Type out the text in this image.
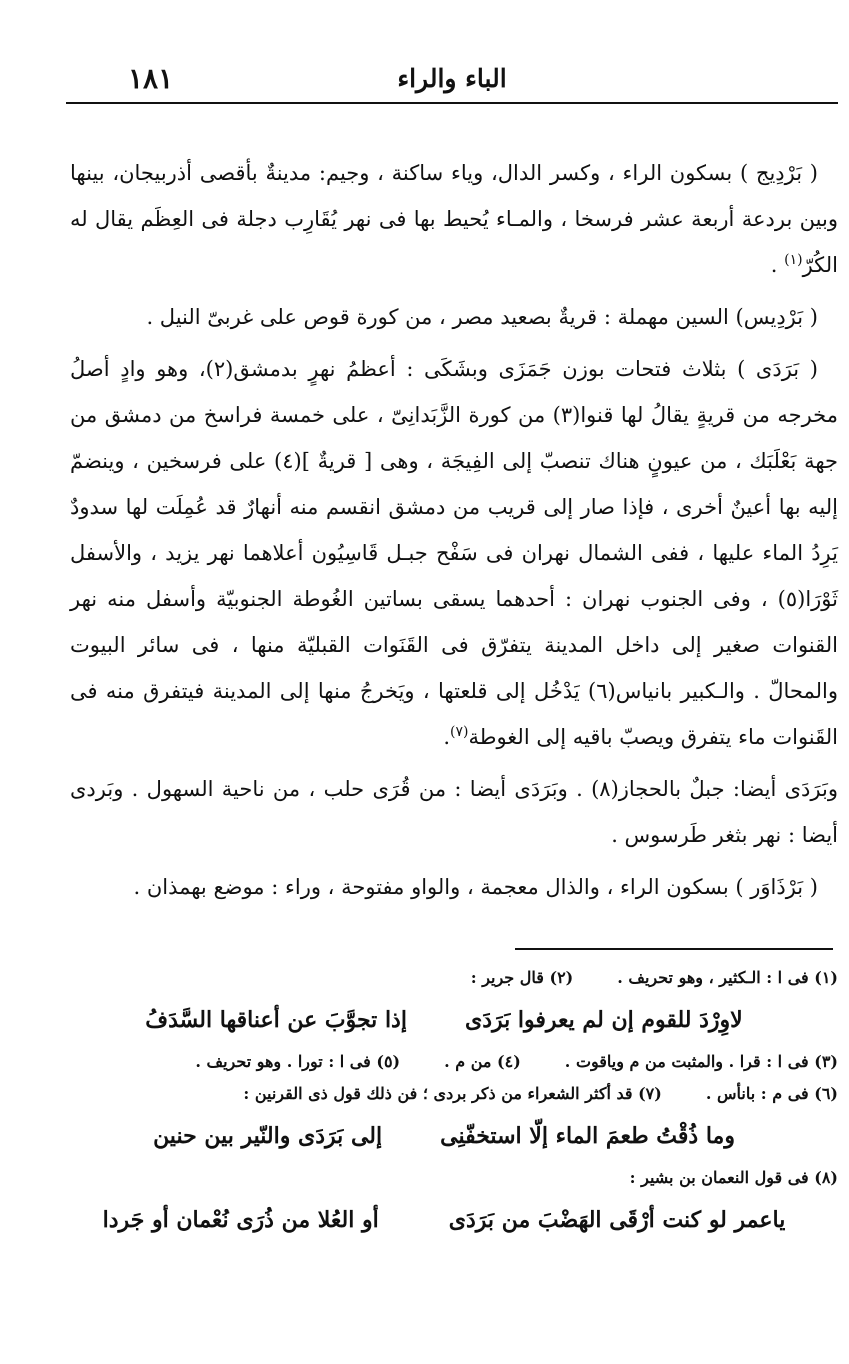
الباء والراء
١٨١

( بَرْدِيج ) بسكون الراء ، وكسر الدال، وياء ساكنة ، وجيم: مدينةٌ بأقصى أذربيجان، بينها وبين بردعة أربعة عشر فرسخا ، والمـاء يُحيط بها فى نهر يُقَارِب دجلة فى العِظَم يقال له الكُرّ$^{(١)}$ .

( بَرْدِيس) السين مهملة : قريةٌ بصعيد مصر ، من كورة قوص على غربىّ النيل .

( بَرَدَى ) بثلاث فتحات بوزن جَمَزَى وبشَكَى : أعظمُ نهرٍ بدمشق(٢)، وهو وادٍ أصلُ مخرجه من قريةٍ يقالُ لها قنوا(٣) من كورة الزَّبَدانِىّ ، على خمسة فراسخ من دمشق من جهة بَعْلَبَك ، من عيونٍ هناك تنصبّ إلى الفِيجَة ، وهى [ قريةٌ ](٤) على فرسخين ، وينضمّ إليه بها أعينٌ أخرى ، فإذا صار إلى قريب من دمشق انقسم منه أنهارٌ قد عُمِلَت لها سدودٌ يَرِدُ الماء عليها ، ففى الشمال نهران فى سَفْح جبـل قَاسِيُون أعلاهما نهر يزيد ، والأسفل ثَوْرَا(٥) ، وفى الجنوب نهران : أحدهما يسقى بساتين الغُوطة الجنوبيّة وأسفل منه نهر القنوات صغير إلى داخل المدينة يتفرّق فى القَنَوات القبليّة منها ، فى سائر البيوت والمحالّ . والـكبير بانياس(٦) يَدْخُل إلى قلعتها ، ويَخرجُ منها إلى المدينة فيتفرق منه فى القَنوات ماء يتفرق ويصبّ باقيه إلى الغوطة$^{(٧)}$.

وبَرَدَى أيضا: جبلٌ بالحجاز(٨) . وبَرَدَى أيضا : من قُرَى حلب ، من ناحية السهول . وبَردى أيضا : نهر بثغر طَرسوس .

( بَرْذَاوَر ) بسكون الراء ، والذال معجمة ، والواو مفتوحة ، وراء : موضع بهمذان .

(١) فى ا : الـكثير ، وهو تحريف .(٢) قال جرير :
لاوِرْدَ للقوم إن لم يعرفوا بَرَدَى
إذا تجوَّبَ عن أعناقها السَّدَفُ
(٣) فى ا : قرا . والمثبت من م وياقوت .(٤) من م .(٥) فى ا : تورا . وهو تحريف .
(٦) فى م : بانأس .(٧) قد أكثر الشعراء من ذكر بردى ؛ فن ذلك قول ذى القرنين :
وما ذُقْتُ طعمَ الماء إلّا استخفّنِى
إلى بَرَدَى والنّير بين حنين
(٨) فى قول النعمان بن بشير :
ياعمر لو كنت أرْقَى الهَضْبَ من بَرَدَى
أو العُلا من ذُرَى نُعْمان أو جَردا
